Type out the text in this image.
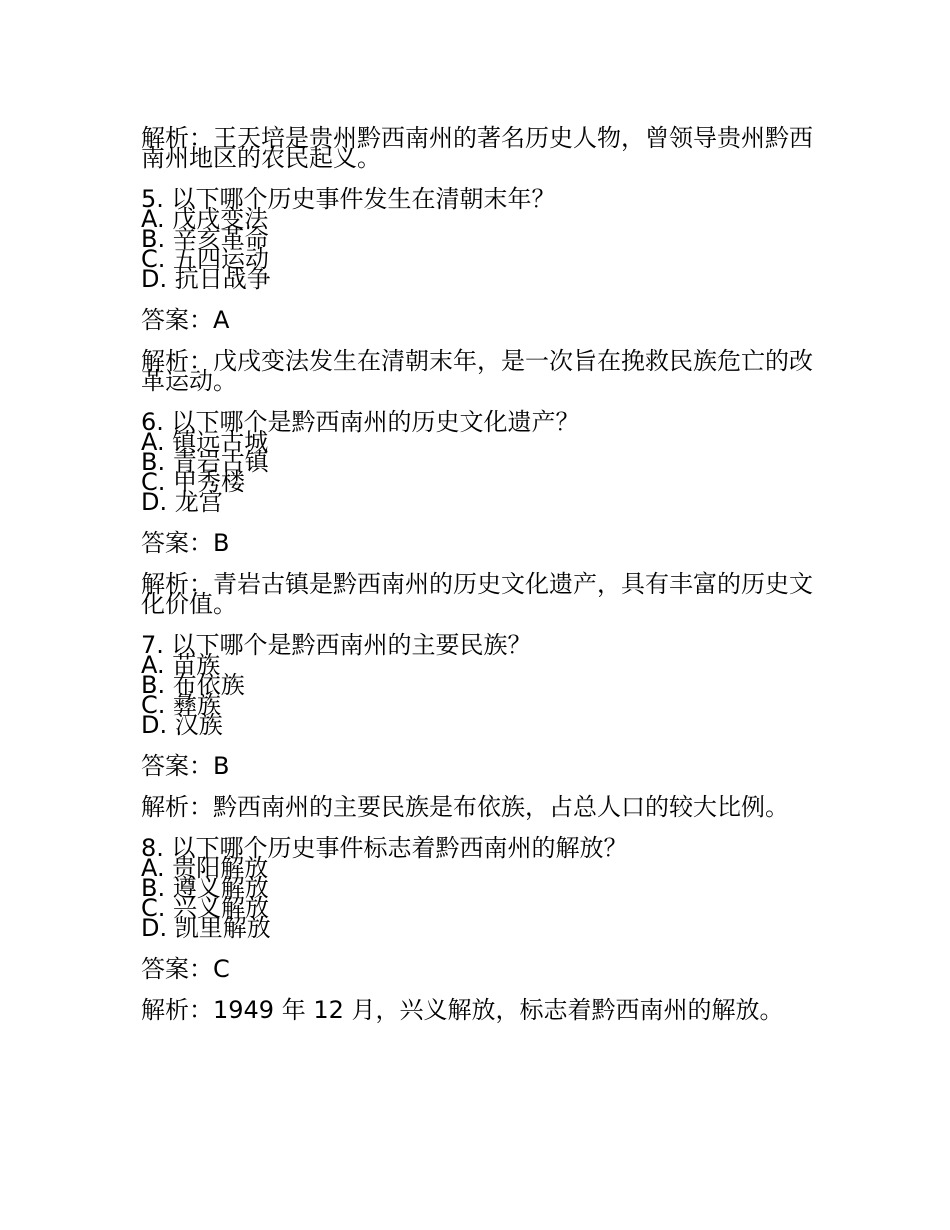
解析：王天培是贵州黔西南州的著名历史人物，曾领导贵州黔西南州地区的农民起义。

5. 以下哪个历史事件发生在清朝末年？

A. 戊戌变法

B. 辛亥革命

C. 五四运动

D. 抗日战争

答案：A

解析：戊戌变法发生在清朝末年，是一次旨在挽救民族危亡的改革运动。

6. 以下哪个是黔西南州的历史文化遗产？

A. 镇远古城

B. 青岩古镇

C. 甲秀楼

D. 龙宫

答案：B

解析：青岩古镇是黔西南州的历史文化遗产，具有丰富的历史文化价值。

7. 以下哪个是黔西南州的主要民族？

A. 苗族

B. 布依族

C. 彝族

D. 汉族

答案：B

解析：黔西南州的主要民族是布依族，占总人口的较大比例。

8. 以下哪个历史事件标志着黔西南州的解放？

A. 贵阳解放

B. 遵义解放

C. 兴义解放

D. 凯里解放

答案：C

解析：1949 年 12 月，兴义解放，标志着黔西南州的解放。
